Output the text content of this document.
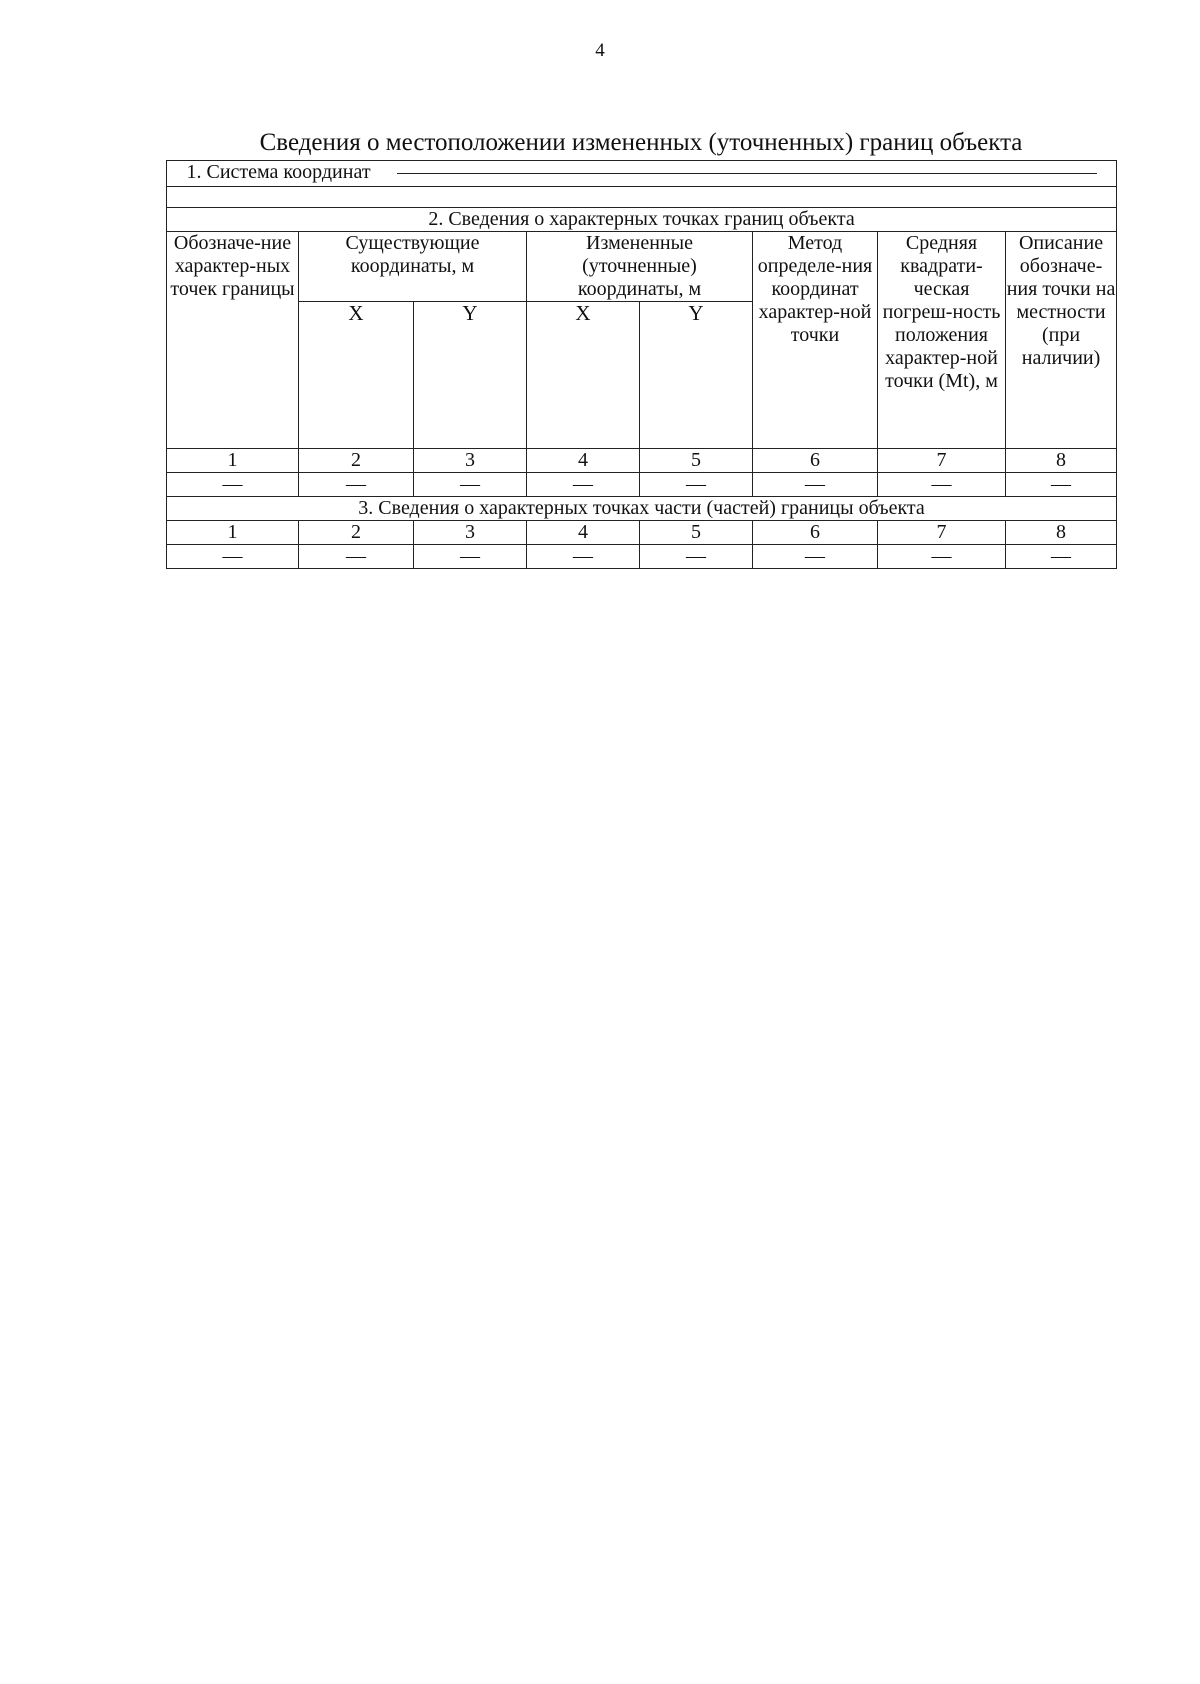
4
Сведения о местоположении измененных (уточненных) границ объекта
1. Система координат							

2. Сведения о характерных точках границ объекта							
Обозначе-ние характер-ных точек границы	Существующие координаты, м		Измененные (уточненные) координаты, м		Метод определе-ния координат характер-ной точки	Средняя квадрати-ческая погреш-ность положения характер-ной точки (Mt), м	Описание обозначе-ния точки на местности (при наличии)
	X	Y	X	Y			
1	2	3	4	5	6	7	8
—	—	—	—	—	—	—	—
3. Сведения о характерных точках части (частей) границы объекта							
1	2	3	4	5	6	7	8
—	—	—	—	—	—	—	—
